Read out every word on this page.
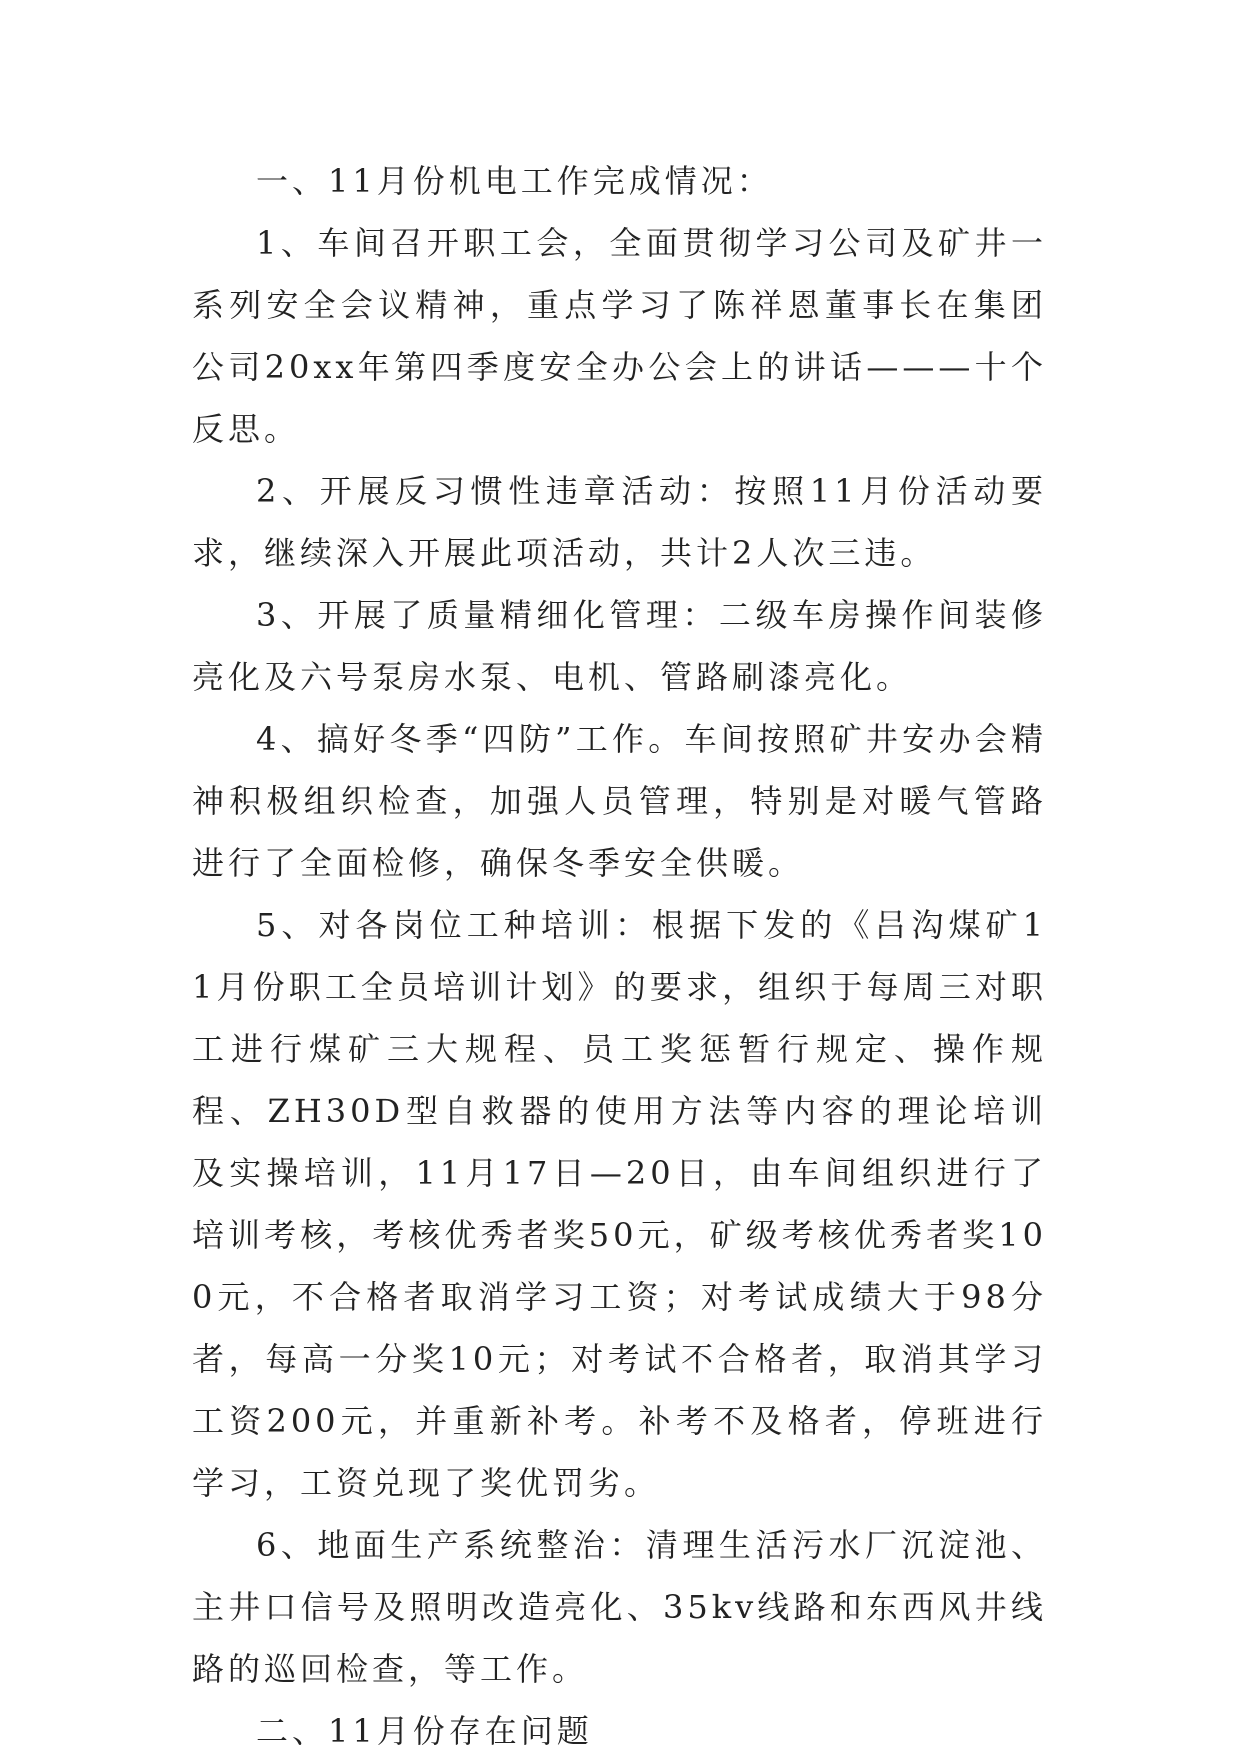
一、11月份机电工作完成情况：

1、车间召开职工会，全面贯彻学习公司及矿井一系列安全会议精神，重点学习了陈祥恩董事长在集团公司20xx年第四季度安全办公会上的讲话———十个反思。

2、开展反习惯性违章活动：按照11月份活动要求，继续深入开展此项活动，共计2人次三违。

3、开展了质量精细化管理：二级车房操作间装修亮化及六号泵房水泵、电机、管路刷漆亮化。

4、搞好冬季“四防”工作。车间按照矿井安办会精神积极组织检查，加强人员管理，特别是对暖气管路进行了全面检修，确保冬季安全供暖。

5、对各岗位工种培训：根据下发的《吕沟煤矿11月份职工全员培训计划》的要求，组织于每周三对职工进行煤矿三大规程、员工奖惩暂行规定、操作规程、ZH30D型自救器的使用方法等内容的理论培训及实操培训，11月17日—20日，由车间组织进行了培训考核，考核优秀者奖50元，矿级考核优秀者奖100元，不合格者取消学习工资；对考试成绩大于98分者，每高一分奖10元；对考试不合格者，取消其学习工资200元，并重新补考。补考不及格者，停班进行学习，工资兑现了奖优罚劣。

6、地面生产系统整治：清理生活污水厂沉淀池、主井口信号及照明改造亮化、35kv线路和东西风井线路的巡回检查，等工作。

二、11月份存在问题
